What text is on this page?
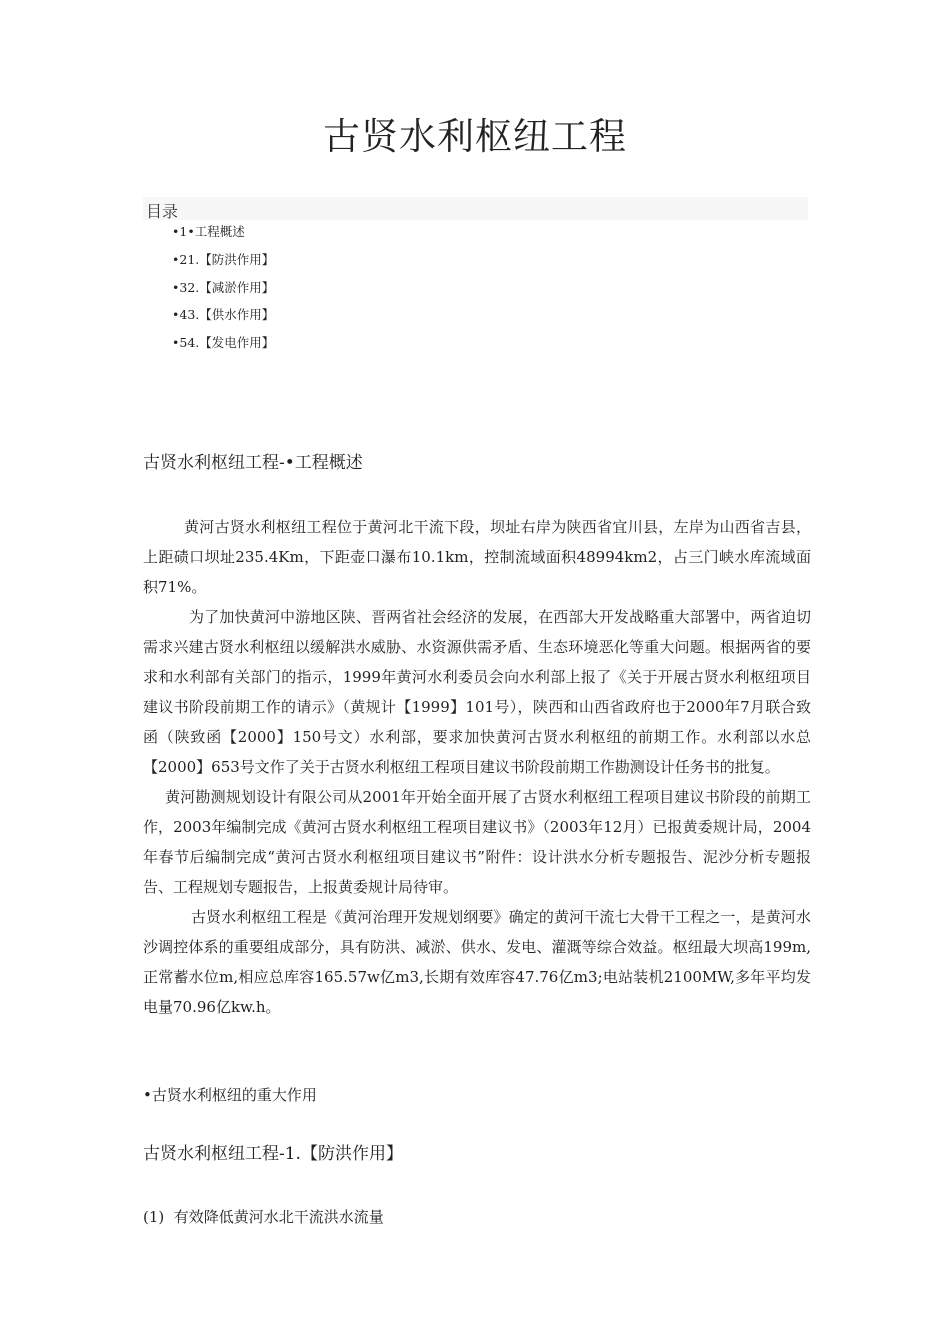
古贤水利枢纽工程
目录
•1•工程概述
•21.【防洪作用】
•32.【减淤作用】
•43.【供水作用】
•54.【发电作用】
古贤水利枢纽工程-•工程概述

黄河古贤水利枢纽工程位于黄河北干流下段，坝址右岸为陕西省宜川县，左岸为山西省吉县，上距碛口坝址235.4Km，下距壶口瀑布10.1km，控制流域面积48994km2，占三门峡水库流域面积71%。

为了加快黄河中游地区陕、晋两省社会经济的发展，在西部大开发战略重大部署中，两省迫切需求兴建古贤水利枢纽以缓解洪水威胁、水资源供需矛盾、生态环境恶化等重大问题。根据两省的要求和水利部有关部门的指示，1999年黄河水利委员会向水利部上报了《关于开展古贤水利枢纽项目建议书阶段前期工作的请示》（黄规计【1999】101号），陕西和山西省政府也于2000年7月联合致函（陕致函【2000】150号文）水利部，要求加快黄河古贤水利枢纽的前期工作。水利部以水总【2000】653号文作了关于古贤水利枢纽工程项目建议书阶段前期工作勘测设计任务书的批复。

黄河勘测规划设计有限公司从2001年开始全面开展了古贤水利枢纽工程项目建议书阶段的前期工作，2003年编制完成《黄河古贤水利枢纽工程项目建议书》（2003年12月）已报黄委规计局，2004年春节后编制完成“黄河古贤水利枢纽项目建议书”附件：设计洪水分析专题报告、泥沙分析专题报告、工程规划专题报告，上报黄委规计局待审。

古贤水利枢纽工程是《黄河治理开发规划纲要》确定的黄河干流七大骨干工程之一，是黄河水沙调控体系的重要组成部分，具有防洪、减淤、供水、发电、灌溉等综合效益。枢纽最大坝高199m,正常蓄水位m,相应总库容165.57w亿m3,长期有效库容47.76亿m3;电站装机2100MW,多年平均发电量70.96亿kw.h。

•古贤水利枢纽的重大作用
古贤水利枢纽工程-1.【防洪作用】
(1)  有效降低黄河水北干流洪水流量
